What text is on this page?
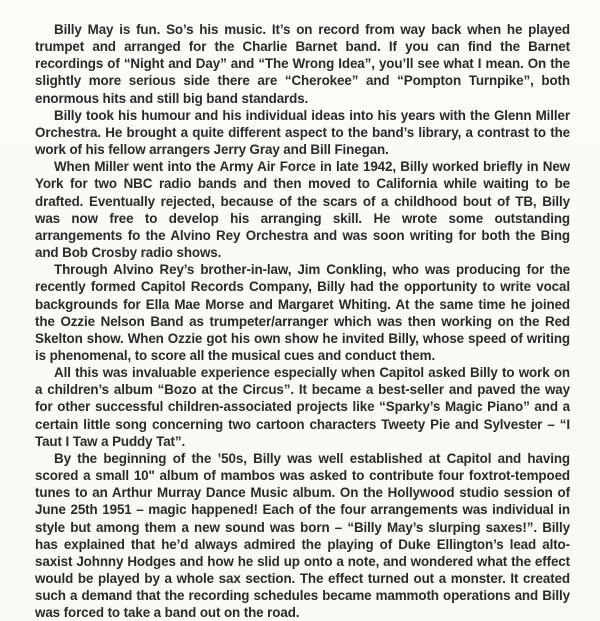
Billy May is fun. So’s his music. It’s on record from way back when he played trumpet and arranged for the Charlie Barnet band. If you can find the Barnet recordings of “Night and Day” and “The Wrong Idea”, you’ll see what I mean. On the slightly more serious side there are “Cherokee” and “Pompton Turnpike”, both enormous hits and still big band standards.

Billy took his humour and his individual ideas into his years with the Glenn Miller Orchestra. He brought a quite different aspect to the band’s library, a contrast to the work of his fellow arrangers Jerry Gray and Bill Finegan.

When Miller went into the Army Air Force in late 1942, Billy worked briefly in New York for two NBC radio bands and then moved to California while waiting to be drafted. Eventually rejected, because of the scars of a childhood bout of TB, Billy was now free to develop his arranging skill. He wrote some outstanding arrangements fo the Alvino Rey Orchestra and was soon writing for both the Bing and Bob Crosby radio shows.

Through Alvino Rey’s brother-in-law, Jim Conkling, who was producing for the recently formed Capitol Records Company, Billy had the opportunity to write vocal backgrounds for Ella Mae Morse and Margaret Whiting. At the same time he joined the Ozzie Nelson Band as trumpeter/arranger which was then working on the Red Skelton show. When Ozzie got his own show he invited Billy, whose speed of writing is phenomenal, to score all the musical cues and conduct them.

All this was invaluable experience especially when Capitol asked Billy to work on a children’s album “Bozo at the Circus”. It became a best-seller and paved the way for other successful children-associated projects like “Sparky’s Magic Piano” and a certain little song concerning two cartoon characters Tweety Pie and Sylvester – “I Taut I Taw a Puddy Tat”.

By the beginning of the ’50s, Billy was well established at Capitol and having scored a small 10" album of mambos was asked to contribute four foxtrot-tempoed tunes to an Arthur Murray Dance Music album. On the Hollywood studio session of June 25th 1951 – magic happened! Each of the four arrangements was individual in style but among them a new sound was born – “Billy May’s slurping saxes!”. Billy has explained that he’d always admired the playing of Duke Ellington’s lead alto-saxist Johnny Hodges and how he slid up onto a note, and wondered what the effect would be played by a whole sax section. The effect turned out a monster. It created such a demand that the recording schedules became mammoth operations and Billy was forced to take a band out on the road.
